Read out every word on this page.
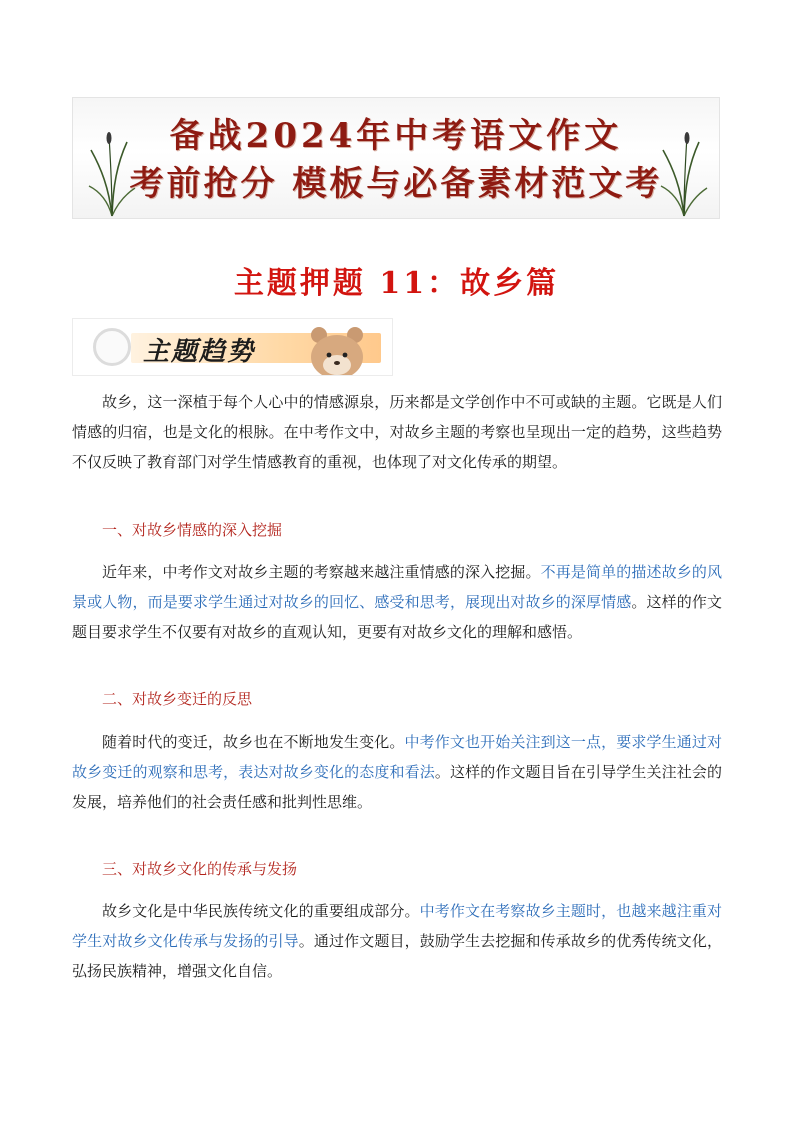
备战2024年中考语文作文
考前抢分 模板与必备素材范文考
主题押题 11：故乡篇
主题趋势

故乡，这一深植于每个人心中的情感源泉，历来都是文学创作中不可或缺的主题。它既是人们情感的归宿，也是文化的根脉。在中考作文中，对故乡主题的考察也呈现出一定的趋势，这些趋势不仅反映了教育部门对学生情感教育的重视，也体现了对文化传承的期望。

一、对故乡情感的深入挖掘

近年来，中考作文对故乡主题的考察越来越注重情感的深入挖掘。不再是简单的描述故乡的风景或人物，而是要求学生通过对故乡的回忆、感受和思考，展现出对故乡的深厚情感。这样的作文题目要求学生不仅要有对故乡的直观认知，更要有对故乡文化的理解和感悟。

二、对故乡变迁的反思

随着时代的变迁，故乡也在不断地发生变化。中考作文也开始关注到这一点，要求学生通过对故乡变迁的观察和思考，表达对故乡变化的态度和看法。这样的作文题目旨在引导学生关注社会的发展，培养他们的社会责任感和批判性思维。

三、对故乡文化的传承与发扬

故乡文化是中华民族传统文化的重要组成部分。中考作文在考察故乡主题时，也越来越注重对学生对故乡文化传承与发扬的引导。通过作文题目，鼓励学生去挖掘和传承故乡的优秀传统文化，弘扬民族精神，增强文化自信。
